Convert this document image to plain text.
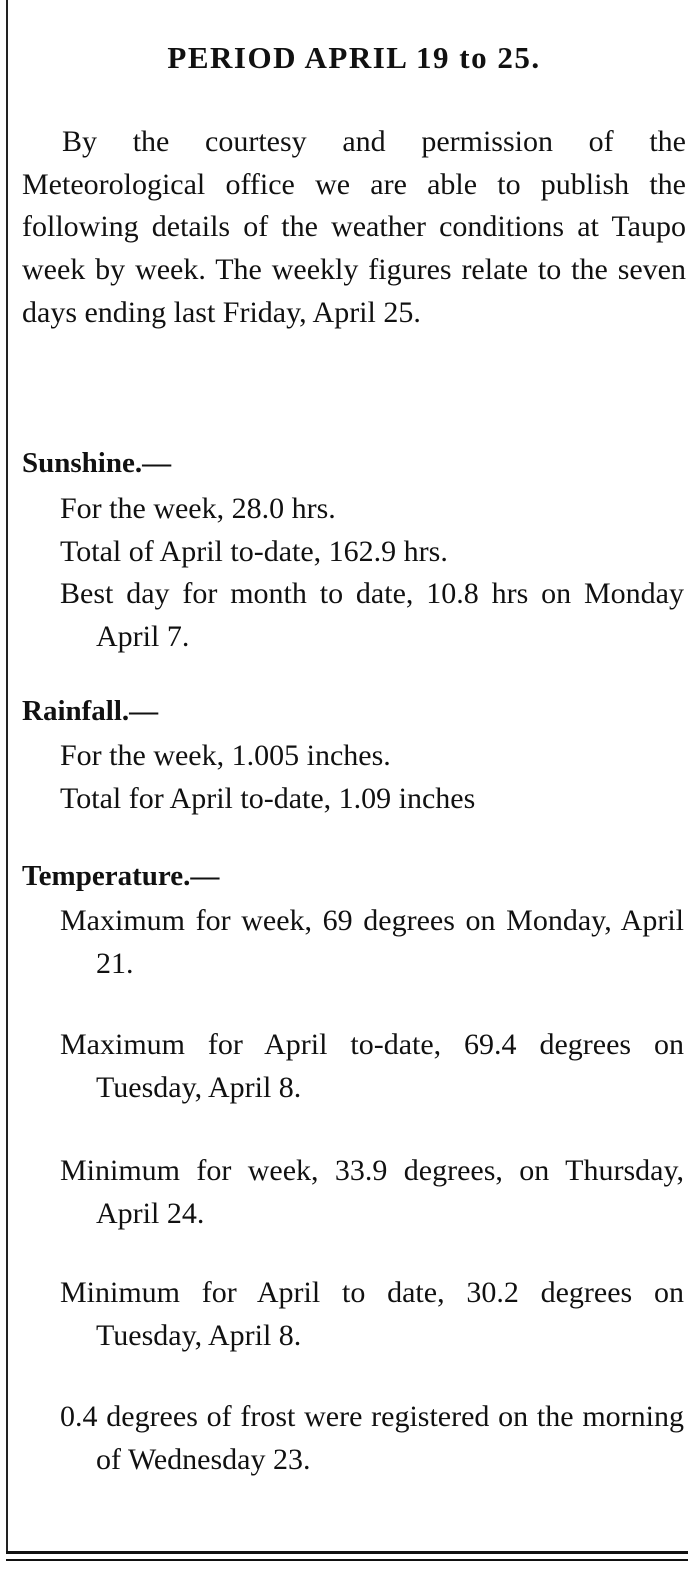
PERIOD APRIL 19 to 25.

By the courtesy and permission of the Meteorological office we are able to publish the following details of the weather conditions at Taupo week by week. The weekly figures relate to the seven days ending last Friday, April 25.

Sunshine.—

For the week, 28.0 hrs.

Total of April to-date, 162.9 hrs.

Best day for month to date, 10.8 hrs on Monday April 7.

Rainfall.—

For the week, 1.005 inches.

Total for April to-date, 1.09 inches

Temperature.—

Maximum for week, 69 degrees on Monday, April 21.

Maximum for April to-date, 69.4 degrees on Tuesday, April 8.

Minimum for week, 33.9 degrees, on Thursday, April 24.

Minimum for April to date, 30.2 degrees on Tuesday, April 8.

0.4 degrees of frost were registered on the morning of Wednesday 23.
